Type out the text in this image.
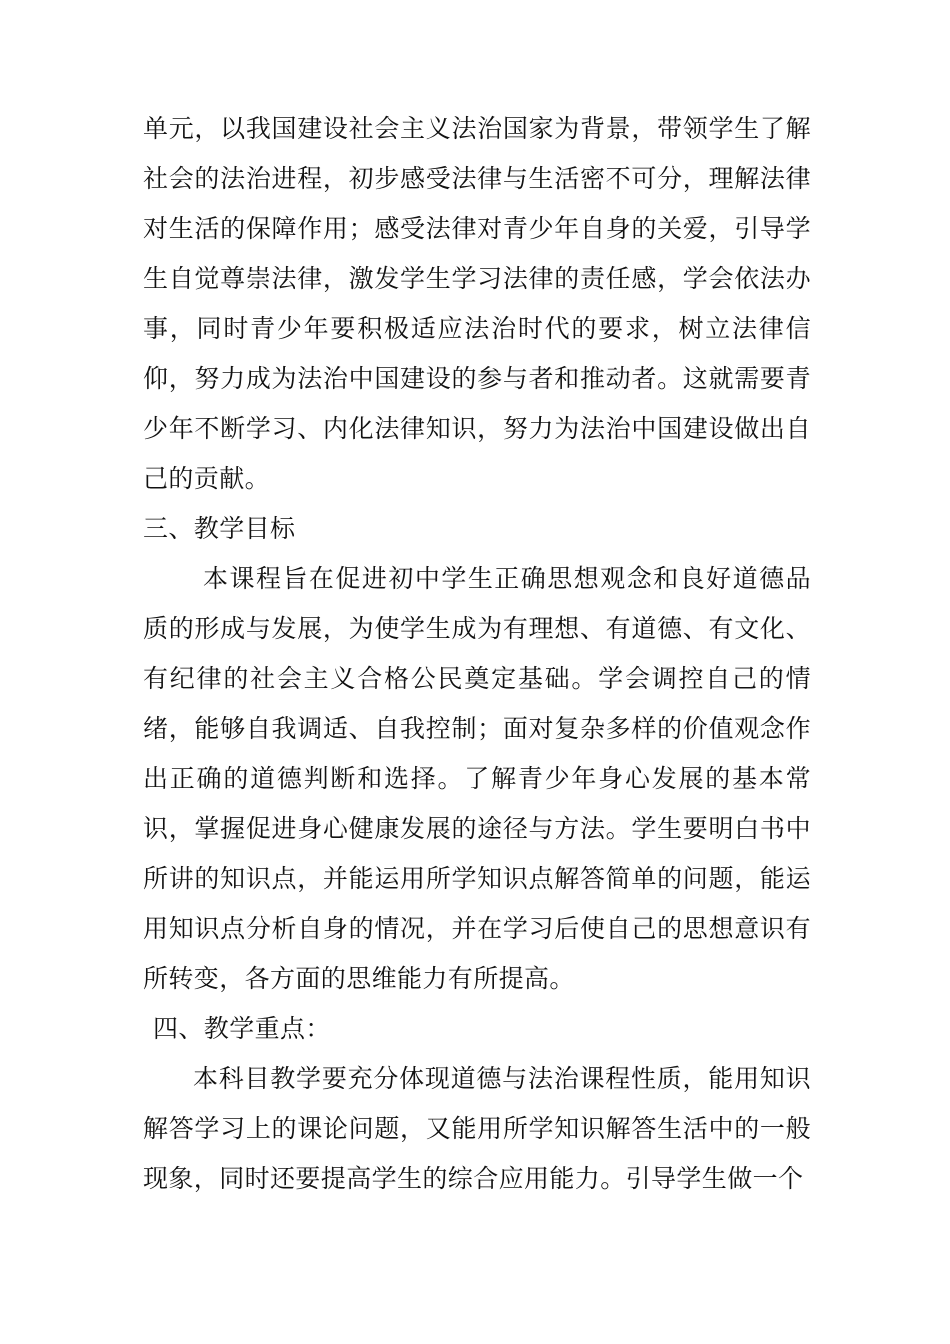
单元，以我国建设社会主义法治国家为背景，带领学生了解社会的法治进程，初步感受法律与生活密不可分，理解法律对生活的保障作用；感受法律对青少年自身的关爱，引导学生自觉尊崇法律，激发学生学习法律的责任感，学会依法办事，同时青少年要积极适应法治时代的要求，树立法律信仰，努力成为法治中国建设的参与者和推动者。这就需要青少年不断学习、内化法律知识，努力为法治中国建设做出自己的贡献。

三、教学目标

本课程旨在促进初中学生正确思想观念和良好道德品质的形成与发展，为使学生成为有理想、有道德、有文化、有纪律的社会主义合格公民奠定基础。学会调控自己的情绪，能够自我调适、自我控制；面对复杂多样的价值观念作出正确的道德判断和选择。了解青少年身心发展的基本常识，掌握促进身心健康发展的途径与方法。学生要明白书中所讲的知识点，并能运用所学知识点解答简单的问题，能运用知识点分析自身的情况，并在学习后使自己的思想意识有所转变，各方面的思维能力有所提高。

四、教学重点：

本科目教学要充分体现道德与法治课程性质，能用知识解答学习上的课论问题，又能用所学知识解答生活中的一般现象，同时还要提高学生的综合应用能力。引导学生做一个
